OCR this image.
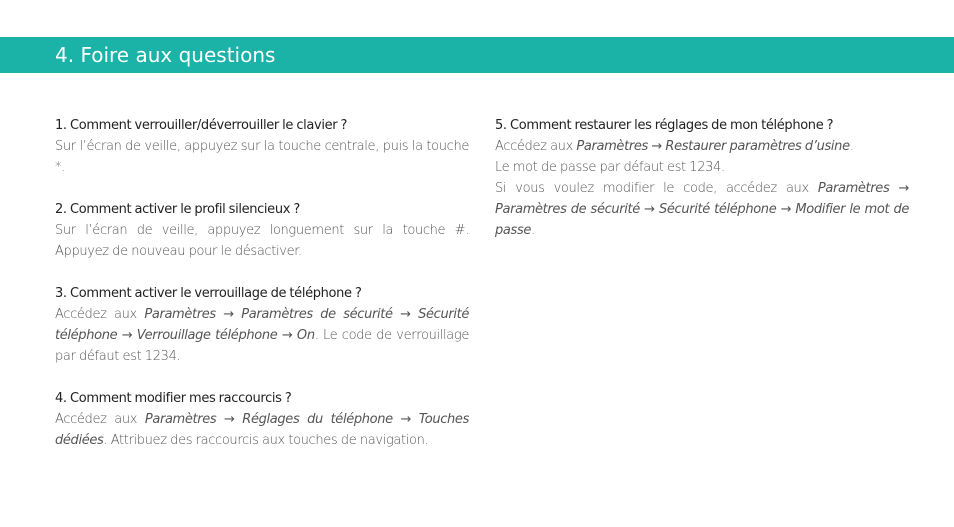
4. Foire aux questions
1. Comment verrouiller/déverrouiller le clavier ?
Sur l’écran de veille, appuyez sur la touche centrale, puis la touche *.
2. Comment activer le profil silencieux ?
Sur l’écran de veille, appuyez longuement sur la touche #. Appuyez de nouveau pour le désactiver.
3. Comment activer le verrouillage de téléphone ?
Accédez aux Paramètres → Paramètres de sécurité → Sécurité téléphone → Verrouillage téléphone → On. Le code de verrouillage par défaut est 1234.
4. Comment modifier mes raccourcis ?
Accédez aux Paramètres → Réglages du téléphone → Touches dédiées. Attribuez des raccourcis aux touches de navigation.
5. Comment restaurer les réglages de mon téléphone ?
Accédez aux Paramètres → Restaurer paramètres d’usine.
Le mot de passe par défaut est 1234.
Si vous voulez modifier le code, accédez aux Paramètres → Paramètres de sécurité → Sécurité téléphone → Modifier le mot de passe.
